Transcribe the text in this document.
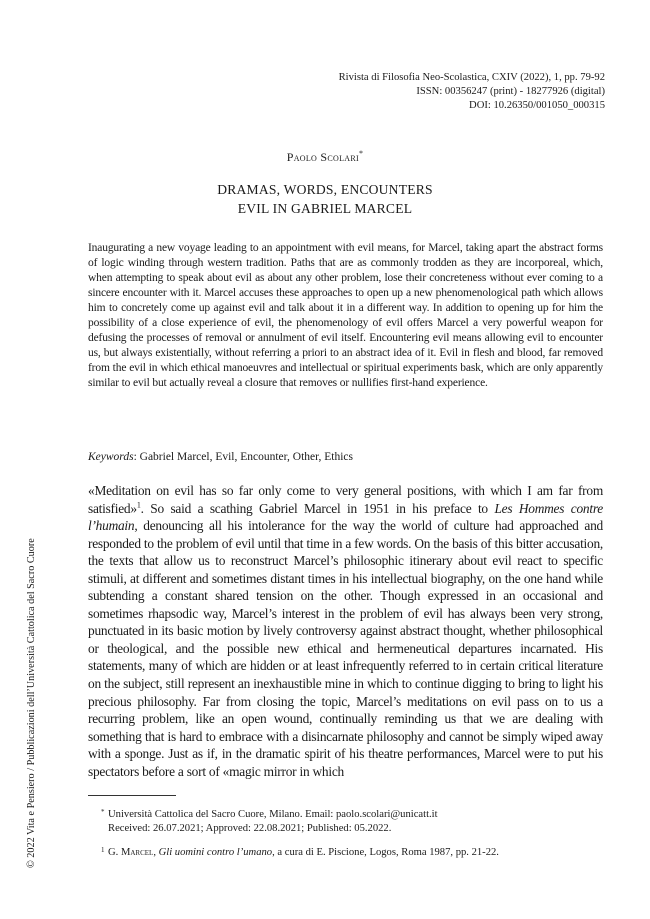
Rivista di Filosofia Neo-Scolastica, CXIV (2022), 1, pp. 79-92
ISSN: 00356247 (print) - 18277926 (digital)
DOI: 10.26350/001050_000315
Paolo Scolari*
DRAMAS, WORDS, ENCOUNTERS
EVIL IN GABRIEL MARCEL
Inaugurating a new voyage leading to an appointment with evil means, for Marcel, taking apart the abstract forms of logic winding through western tradition. Paths that are as commonly trodden as they are incorporeal, which, when attempting to speak about evil as about any other problem, lose their concreteness without ever coming to a sincere encounter with it. Marcel accuses these approaches to open up a new phenomenological path which allows him to concretely come up against evil and talk about it in a different way. In addition to opening up for him the possibility of a close experience of evil, the phenomenology of evil offers Marcel a very powerful weapon for defusing the processes of removal or annulment of evil itself. Encountering evil means allowing evil to encounter us, but always existentially, without referring a priori to an abstract idea of it. Evil in flesh and blood, far removed from the evil in which ethical manoeuvres and intellectual or spiritual experiments bask, which are only apparently similar to evil but actually reveal a closure that removes or nullifies first-hand experience.
Keywords: Gabriel Marcel, Evil, Encounter, Other, Ethics
«Meditation on evil has so far only come to very general positions, with which I am far from satisfied»$^1$. So said a scathing Gabriel Marcel in 1951 in his preface to Les Hommes contre l’humain, denouncing all his intolerance for the way the world of culture had approached and responded to the problem of evil until that time in a few words. On the basis of this bitter accusation, the texts that allow us to reconstruct Marcel’s philosophic itinerary about evil react to specific stimuli, at different and sometimes distant times in his intellectual biography, on the one hand while subtending a constant shared tension on the other. Though expressed in an occasional and sometimes rhapsodic way, Marcel’s interest in the problem of evil has always been very strong, punctuated in its basic motion by lively controversy against abstract thought, whether philosophical or theological, and the possible new ethical and hermeneutical departures incarnated. His statements, many of which are hidden or at least infrequently referred to in certain critical literature on the subject, still represent an inexhaustible mine in which to continue digging to bring to light his precious philosophy. Far from closing the topic, Marcel’s meditations on evil pass on to us a recurring problem, like an open wound, continually reminding us that we are dealing with something that is hard to embrace with a disincarnate philosophy and cannot be simply wiped away with a sponge. Just as if, in the dramatic spirit of his theatre performances, Marcel were to put his spectators before a sort of «magic mirror in which
© 2022 Vita e Pensiero / Pubblicazioni dell’Università Cattolica del Sacro Cuore	* Università Cattolica del Sacro Cuore, Milano. Email: paolo.scolari@unicatt.it
Received: 26.07.2021; Approved: 22.08.2021; Published: 05.2022.
1 G. Marcel, Gli uomini contro l’umano, a cura di E. Piscione, Logos, Roma 1987, pp. 21-22.
